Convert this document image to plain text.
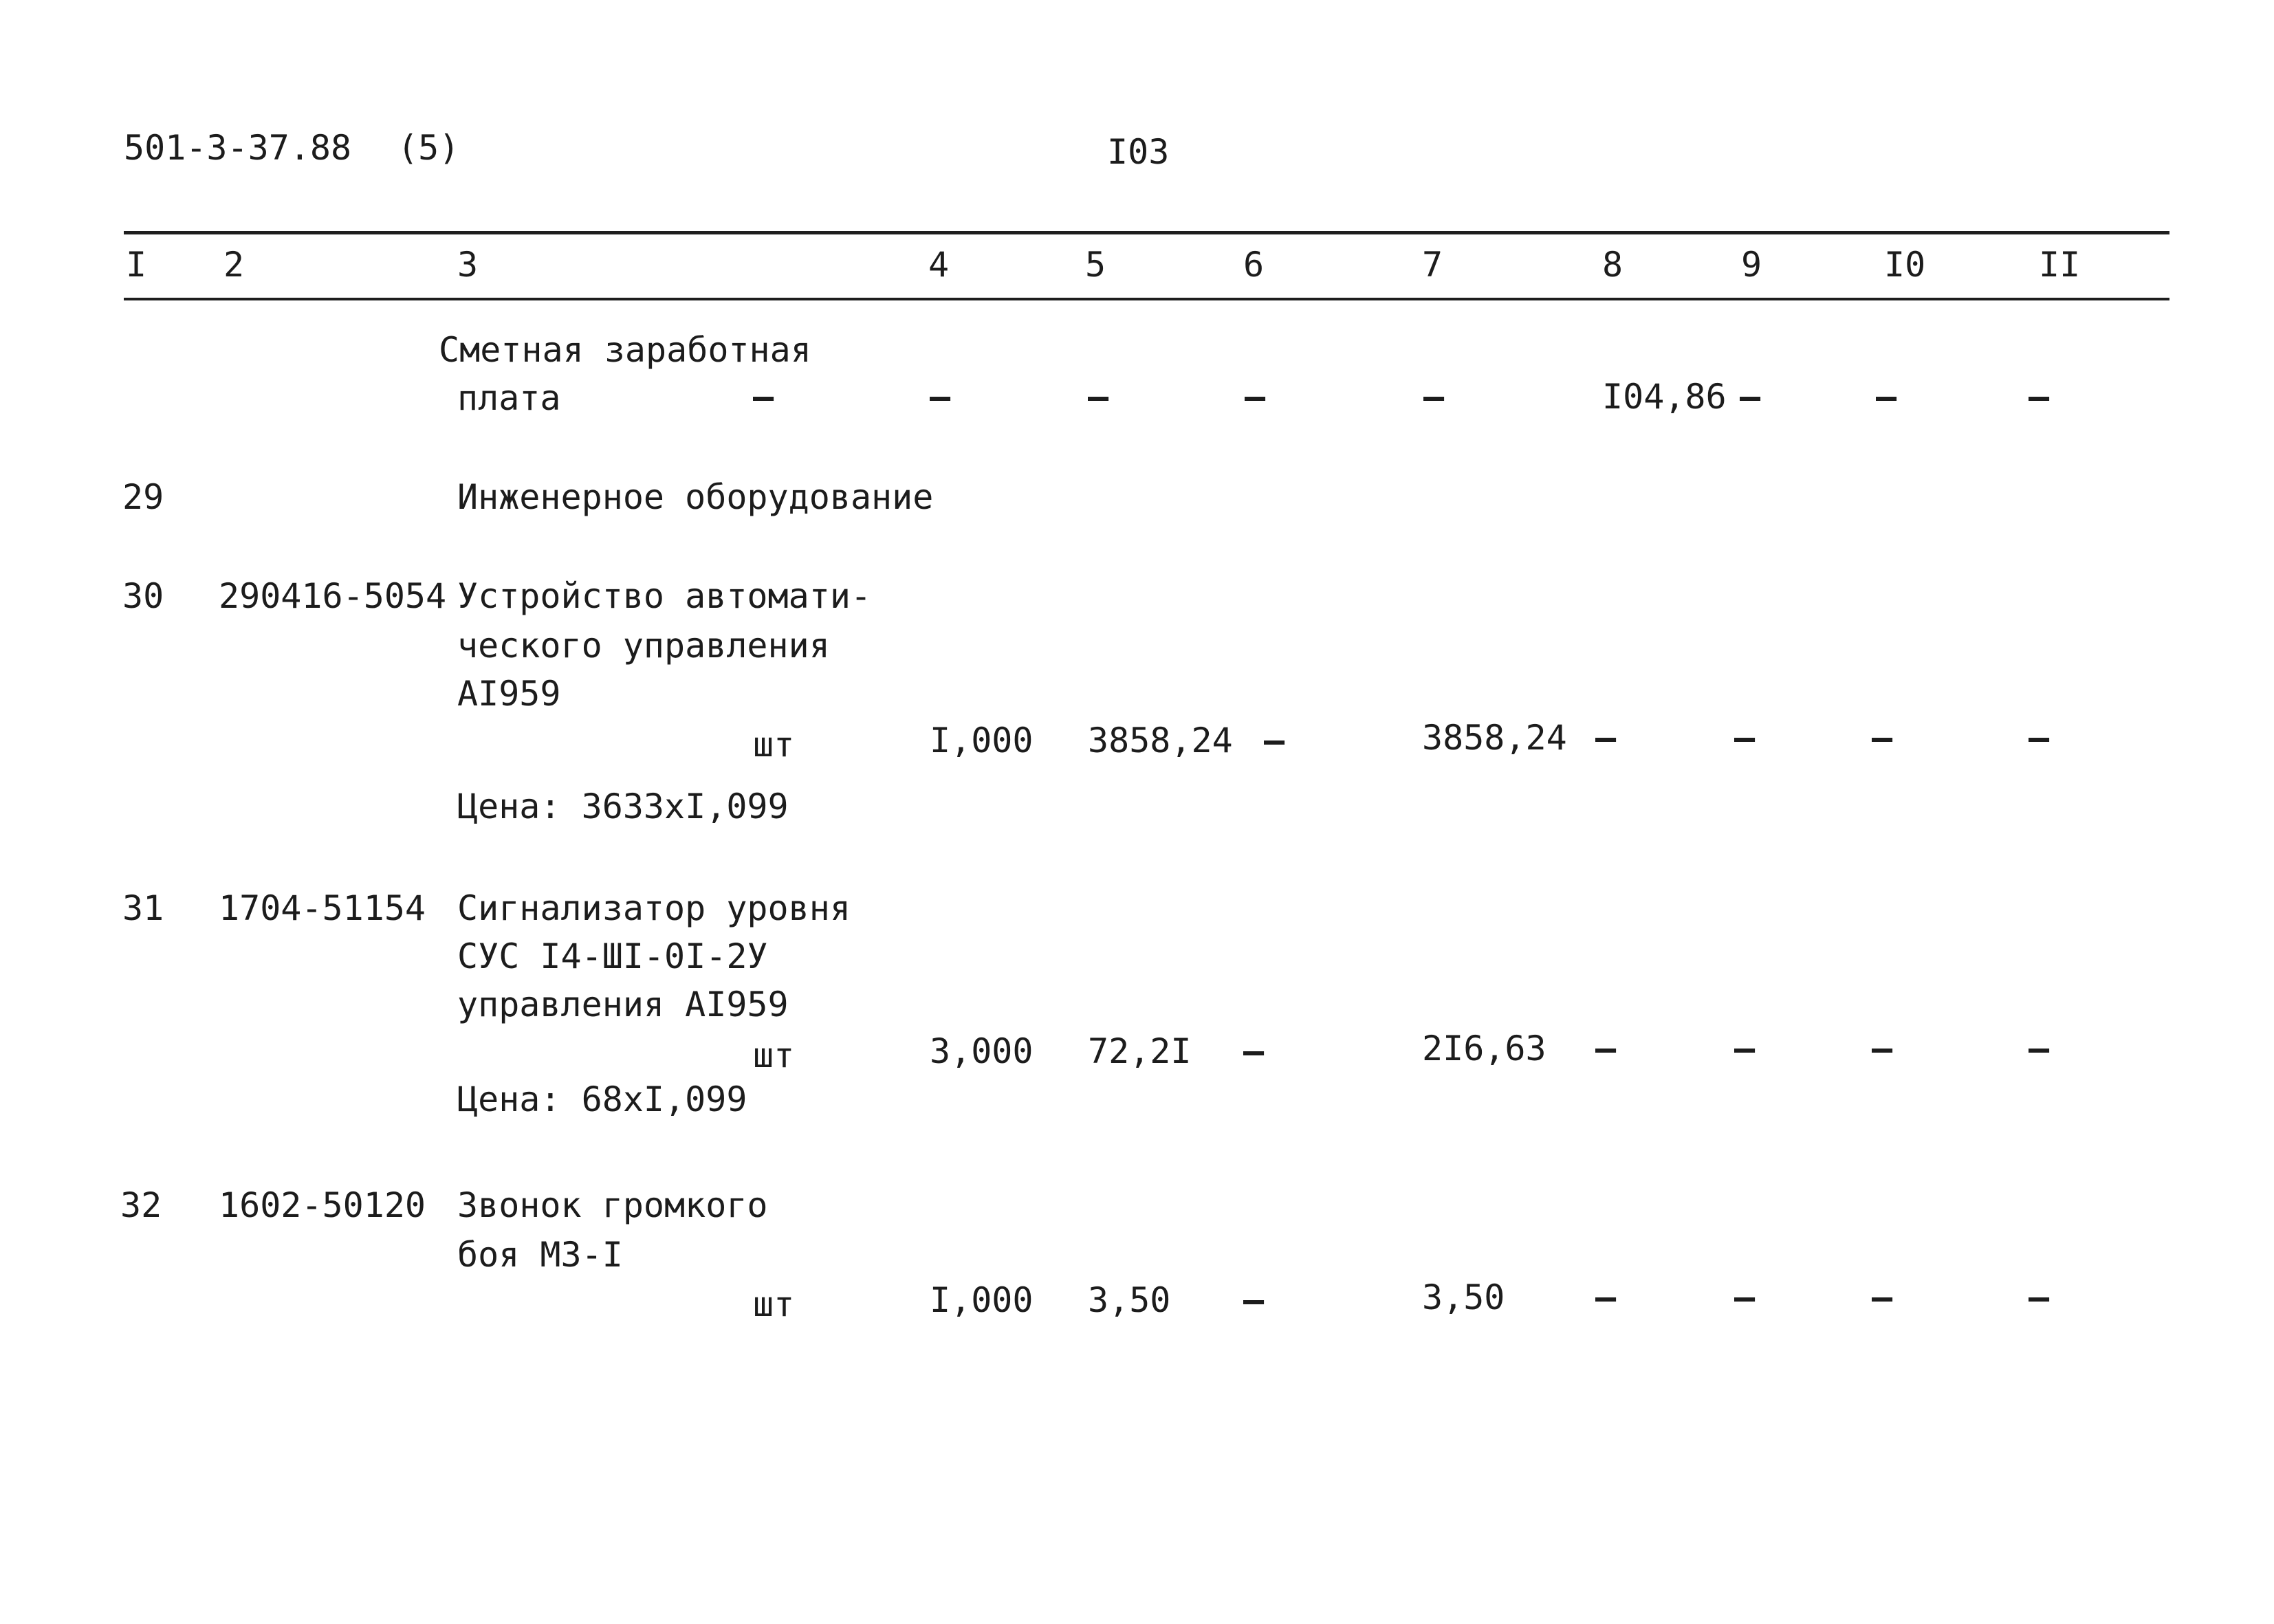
501-3-37.88 (5)	I03
I 2	3	4	5	6	7	8	9	I0	II
Сметная заработная
плата	–	–	–	–	–	I04,86 –	–	–
29	Инженерное оборудование
30 290416-5054 Устройство автомати-
ческого управления
AI959
шт	I,000 3858,24 –	3858,24 –	–	–	–
Цена: 3633xI,099
31 1704-51154 Сигнализатор уровня
СУС I4-ШI-0I-2У
управления AI959
шт	3,000 72,2I –	2I6,63 –	–	–	–
Цена: 68xI,099
32 1602-50120 Звонок громкого
боя МЗ-I
шт	I,000 3,50 –	3,50	–	–	–	–
